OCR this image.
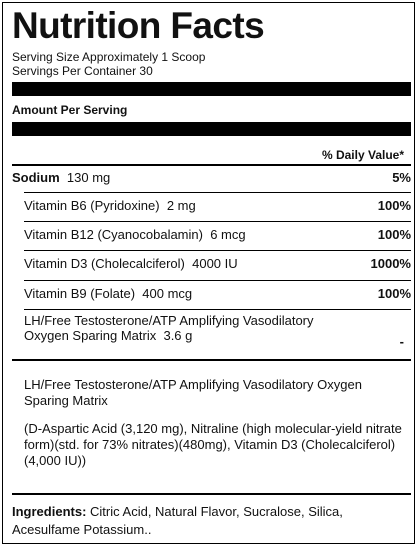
Nutrition Facts
Serving Size Approximately 1 Scoop
Servings Per Container 30
Amount Per Serving
% Daily Value*
Sodium 130 mg	5%
Vitamin B6 (Pyridoxine) 2 mg	100%
Vitamin B12 (Cyanocobalamin) 6 mcg	100%
Vitamin D3 (Cholecalciferol) 4000 IU	1000%
Vitamin B9 (Folate) 400 mcg	100%
LH/Free Testosterone/ATP Amplifying Vasodilatory
Oxygen Sparing Matrix 3.6 g	-
LH/Free Testosterone/ATP Amplifying Vasodilatory Oxygen Sparing Matrix
(D-Aspartic Acid (3,120 mg), Nitraline (high molecular-yield nitrate form)(std. for 73% nitrates)(480mg), Vitamin D3 (Cholecalciferol) (4,000 IU))
Ingredients: Citric Acid, Natural Flavor, Sucralose, Silica, Acesulfame Potassium..
